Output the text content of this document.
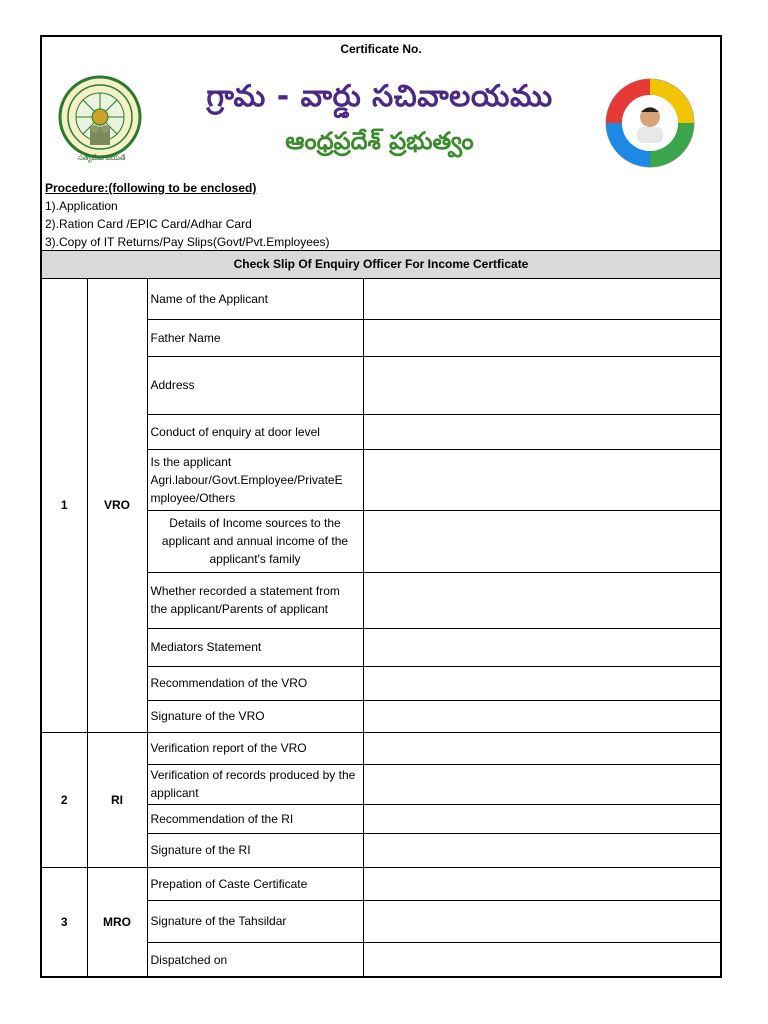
Certificate No.
సత్యమేవ జయతే
గ్రామ - వార్డు సచివాలయము
ఆంధ్రప్రదేశ్ ప్రభుత్వం
Procedure:(following to be enclosed)
1).Application
2).Ration Card /EPIC Card/Adhar Card
3).Copy of IT Returns/Pay Slips(Govt/Pvt.Employees)
Check Slip Of Enquiry Officer For Income Certficate
1	VRO	Name of the Applicant	
		Father Name	
		Address	
		Conduct of enquiry at door level	
		Is the applicant Agri.labour/Govt.Employee/PrivateE mployee/Others	
		Details of Income sources to the applicant and annual income of the applicant's family	
		Whether recorded a statement from the applicant/Parents of applicant	
		Mediators Statement	
		Recommendation of the VRO	
		Signature of the VRO	
2	RI	Verification report of the VRO	
		Verification of records produced by the applicant	
		Recommendation of the RI	
		Signature of the RI	
3	MRO	Prepation of Caste Certificate	
		Signature of the Tahsildar	
		Dispatched on	
